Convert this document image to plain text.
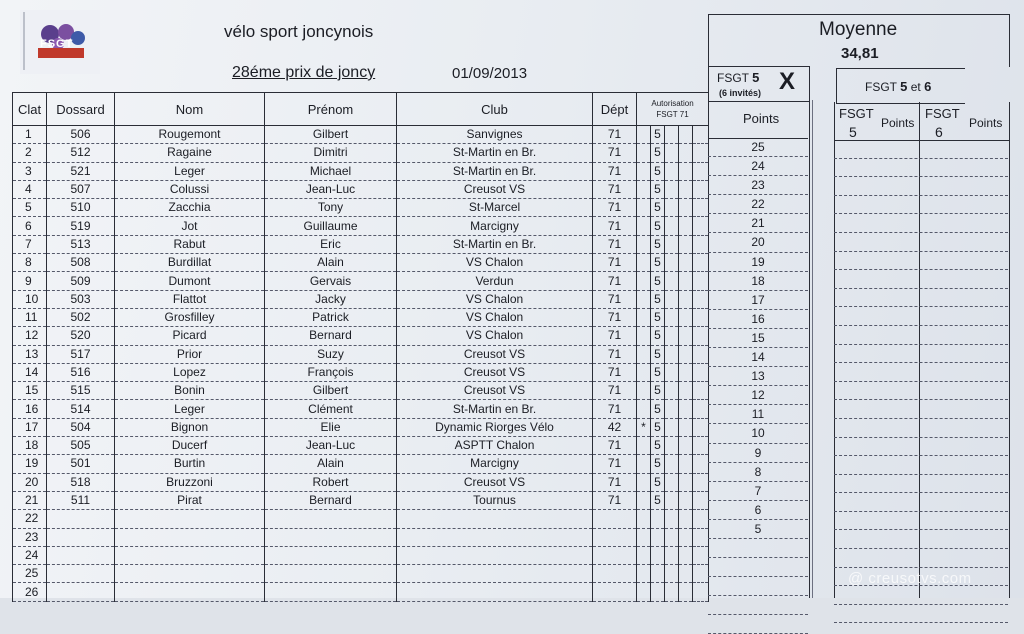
FSGT
vélo sport joncynois
28éme prix de joncy	01/09/2013
Moyenne
34,81
FSGT 5
(6 invités) X	FSGT 5 et 6
Clat	Dossard	Nom	Prénom	Club	Dépt	Autorisation
FSGT 71				
1	506	Rougemont	Gilbert	Sanvignes	71		5			
2	512	Ragaine	Dimitri	St-Martin en Br.	71		5			
3	521	Leger	Michael	St-Martin en Br.	71		5			
4	507	Colussi	Jean-Luc	Creusot VS	71		5			
5	510	Zacchia	Tony	St-Marcel	71		5			
6	519	Jot	Guillaume	Marcigny	71		5			
7	513	Rabut	Eric	St-Martin en Br.	71		5			
8	508	Burdillat	Alain	VS Chalon	71		5			
9	509	Dumont	Gervais	Verdun	71		5			
10	503	Flattot	Jacky	VS Chalon	71		5			
11	502	Grosfilley	Patrick	VS Chalon	71		5			
12	520	Picard	Bernard	VS Chalon	71		5			
13	517	Prior	Suzy	Creusot VS	71		5			
14	516	Lopez	François	Creusot VS	71		5			
15	515	Bonin	Gilbert	Creusot VS	71		5			
16	514	Leger	Clément	St-Martin en Br.	71		5			
17	504	Bignon	Elie	Dynamic Riorges Vélo	42	*	5			
18	505	Ducerf	Jean-Luc	ASPTT Chalon	71		5			
19	501	Burtin	Alain	Marcigny	71		5			
20	518	Bruzzoni	Robert	Creusot VS	71		5			
21	511	Pirat	Bernard	Tournus	71		5			
22										
23										
24										
25										
26										
Points
25
24
23
22
21
20
19
18
17
16
15
14
13
12
11
10
9
8
7
6
5
FSGT
5
Points
FSGT
6
Points
@ creusotvs.com
